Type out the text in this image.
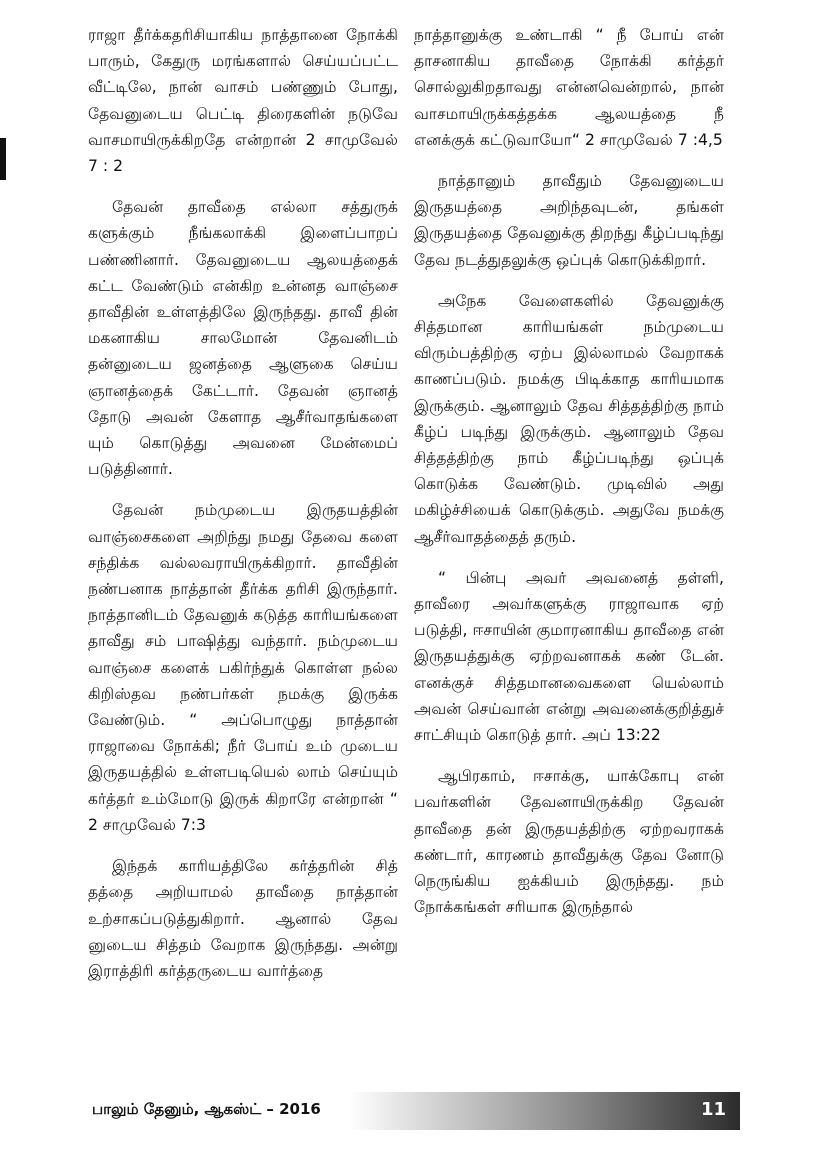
ராஜா தீர்க்கதரிசியாகிய நாத்தானை நோக்கி பாரும், கேதுரு மரங்களால் செய்யப்பட்ட வீட்டிலே, நான் வாசம் பண்ணும் போது, தேவனுடைய பெட்டி திரைகளின் நடுவே வாசமாயிருக்கிறதே என்றான் 2 சாமுவேல் 7 : 2

தேவன் தாவீதை எல்லா சத்துருக் களுக்கும் நீங்கலாக்கி இளைப்பாறப் பண்ணினார். தேவனுடைய ஆலயத்தைக் கட்ட வேண்டும் என்கிற உன்னத வாஞ்சை தாவீதின் உள்ளத்திலே இருந்தது. தாவீ தின் மகனாகிய சாலமோன் தேவனிடம் தன்னுடைய ஜனத்தை ஆளுகை செய்ய ஞானத்தைக் கேட்டார். தேவன் ஞானத் தோடு அவன் கேளாத ஆசீர்வாதங்களை யும் கொடுத்து அவனை மேன்மைப் படுத்தினார்.

தேவன் நம்முடைய இருதயத்தின் வாஞ்சைகளை அறிந்து நமது தேவை களை சந்திக்க வல்லவராயிருக்கிறார். தாவீதின் நண்பனாக நாத்தான் தீர்க்க தரிசி இருந்தார். நாத்தானிடம் தேவனுக் கடுத்த காரியங்களை தாவீது சம் பாஷித்து வந்தார். நம்முடைய வாஞ்சை களைக் பகிர்ந்துக் கொள்ள நல்ல கிறிஸ்தவ நண்பர்கள் நமக்கு இருக்க வேண்டும். “ அப்பொழுது நாத்தான் ராஜாவை நோக்கி; நீர் போய் உம் முடைய இருதயத்தில் உள்ளபடியெல் லாம் செய்யும் கர்த்தர் உம்மோடு இருக் கிறாரே என்றான் “ 2 சாமுவேல் 7:3

இந்தக் காரியத்திலே கர்த்தரின் சித் தத்தை அறியாமல் தாவீதை நாத்தான் உற்சாகப்படுத்துகிறார். ஆனால் தேவ னுடைய சித்தம் வேறாக இருந்தது. அன்று இராத்திரி கர்த்தருடைய வார்த்தை

நாத்தானுக்கு உண்டாகி “ நீ போய் என் தாசனாகிய தாவீதை நோக்கி கர்த்தர் சொல்லுகிறதாவது என்னவென்றால், நான் வாசமாயிருக்கத்தக்க ஆலயத்தை நீ எனக்குக் கட்டுவாயோ“ 2 சாமுவேல் 7 :4,5

நாத்தானும் தாவீதும் தேவனுடைய இருதயத்தை அறிந்தவுடன், தங்கள் இருதயத்தை தேவனுக்கு திறந்து கீழ்ப்படிந்து தேவ நடத்துதலுக்கு ஒப்புக் கொடுக்கிறார்.

அநேக வேளைகளில் தேவனுக்கு சித்தமான காரியங்கள் நம்முடைய விரும்பத்திற்கு ஏற்ப இல்லாமல் வேறாகக் காணப்படும். நமக்கு பிடிக்காத காரியமாக இருக்கும். ஆனாலும் தேவ சித்தத்திற்கு நாம் கீழ்ப் படிந்து இருக்கும். ஆனாலும் தேவ சித்தத்திற்கு நாம் கீழ்ப்படிந்து ஒப்புக் கொடுக்க வேண்டும். முடிவில் அது மகிழ்ச்சியைக் கொடுக்கும். அதுவே நமக்கு ஆசீர்வாதத்தைத் தரும்.

“ பின்பு அவர் அவனைத் தள்ளி, தாவீரை அவர்களுக்கு ராஜாவாக ஏற் படுத்தி, ஈசாயின் குமாரனாகிய தாவீதை என் இருதயத்துக்கு ஏற்றவனாகக் கண் டேன். எனக்குச் சித்தமானவைகளை யெல்லாம் அவன் செய்வான் என்று அவனைக்குறித்துச் சாட்சியும் கொடுத் தார். அப் 13:22

ஆபிரகாம், ஈசாக்கு, யாக்கோபு என் பவர்களின் தேவனாயிருக்கிற தேவன் தாவீதை தன் இருதயத்திற்கு ஏற்றவராகக் கண்டார், காரணம் தாவீதுக்கு தேவ னோடு நெருங்கிய ஐக்கியம் இருந்தது. நம் நோக்கங்கள் சரியாக இருந்தால்

பாலும் தேனும், ஆகஸ்ட் – 2016	11
